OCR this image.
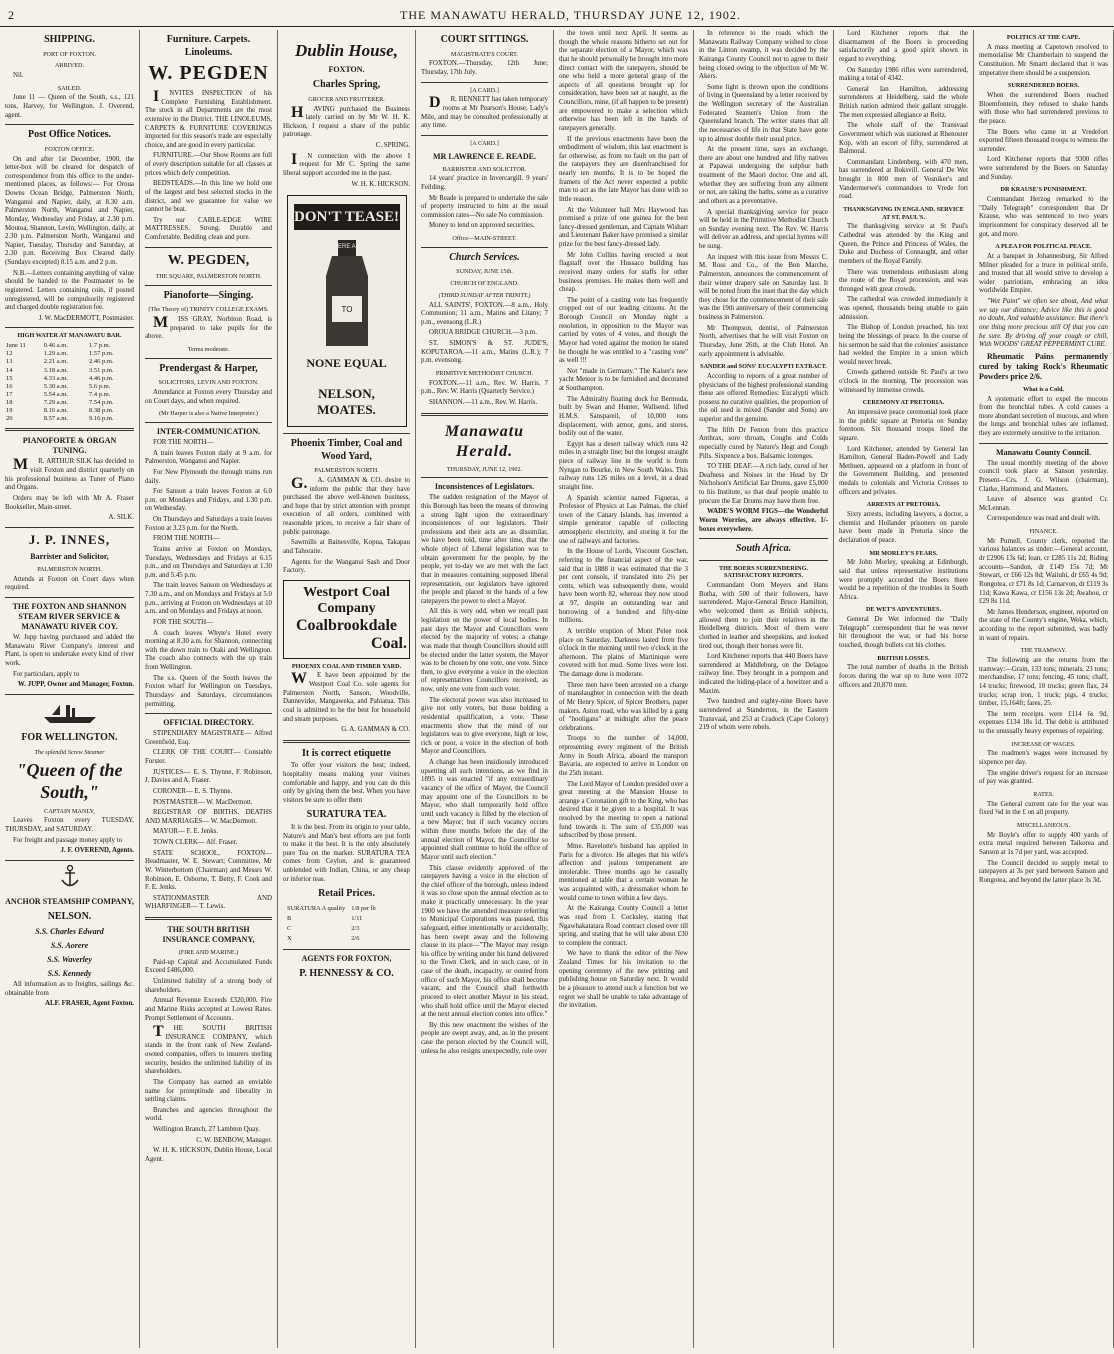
2	THE MANAWATU HERALD, THURSDAY JUNE 12, 1902.
SHIPPING.
PORT OF FOXTON.
ARRIVED.

Nil.

SAILED.

June 11 — Queen of the South, s.s., 121 tons, Harvey, for Wellington. J. Overend, agent.

Post Office Notices.
FOXTON OFFICE.

On and after 1st December, 1900, the letter-box will be cleared for despatch of correspondence from this office to the under-mentioned places, as follows:— For Oroua Downs Ocean Bridge, Palmerston North, Wanganui and Napier, daily, at 8.30 a.m. Palmerston North, Wanganui and Napier, Monday, Wednesday and Friday, at 2.30 p.m. Moutoa, Shannon, Levin, Wellington, daily, at 2.30 p.m. Palmerston North, Wanganui and Napier, Tuesday, Thursday and Saturday, at 2.30 p.m. Receiving Box Cleared daily (Sundays excepted) 8.15 a.m. and 2 p.m.

N.B.—Letters containing anything of value should be handed to the Postmaster to be registered. Letters containing coin, if posted unregistered, will be compulsorily registered and charged double registration fee.

J. W. MacDERMOTT, Postmaster.

HIGH WATER AT MANAWATU BAR.
June 11	0.46 a.m.	1.7 p.m.
12	1.29 a.m.	1.57 p.m.
13	2.21 a.m.	2.46 p.m.
14	3.18 a.m.	3.51 p.m.
15	4.33 a.m.	4.46 p.m.
16	5.30 a.m.	5.6 p.m.
17	5.54 a.m.	7.4 p.m.
18	7.29 a.m.	7.54 p.m.
19	8.16 a.m.	8.38 p.m.
20	8.57 a.m.	9.16 p.m.
PIANOFORTE & ORGAN TUNING.

MR. ARTHUR SILK has decided to visit Foxton and district quarterly on his professional business as Tuner of Piano and Organs.

Orders may be left with Mr A. Fraser Bookseller, Main-street.

A. SILK.

J. P. INNES,
Barrister and Solicitor,
PALMERSTON NORTH.

Attends at Foxton on Court days when required.

THE FOXTON AND SHANNON STEAM RIVER SERVICE & MANAWATU RIVER COY.

W. Jupp having purchased and added the Manawatu River Company's interest and Plant, is open to undertake every kind of river work.

For particulars, apply to

W. JUPP, Owner and Manager, Foxton.

FOR WELLINGTON.
The splendid Screw Steamer
"Queen of the South,"
CAPTAIN MANLY,

Leaves Foxton every TUESDAY, THURSDAY, and SATURDAY.

For freight and passage money apply to

J. F. OVEREND, Agents.

ANCHOR STEAMSHIP COMPANY,
NELSON.
S.S. Charles Edward
S.S. Aorere
S.S. Waverley
S.S. Kennedy

All information as to freights, sailings &c. obtainable from

ALF. FRASER, Agent Foxton.

Furniture. Carpets. Linoleums.
W. PEGDEN

INVITES INSPECTION of his Complete Furnishing Establishment. The stock in all Departments are the most extensive in the District. THE LINOLEUMS, CARPETS & FURNITURE COVERINGS imported for this season's trade are especially choice, and are good in every particular.

FURNITURE.—Our Show Rooms are full of every description suitable for all classes at prices which defy competition.

BEDSTEADS.—In this line we hold one of the largest and best selected stocks in the district, and we guarantee for value we cannot be beat.

Try our CABLE-EDGE WIRE MATTRESSES. Strong, Durable and Comfortable. Bedding clean and pure.

W. PEGDEN,
THE SQUARE, PALMERSTON NORTH.
Pianoforte—Singing.
(The Theory of) TRINITY COLLEGE EXAMS.

MISS GRAY, Norbiton Road, is prepared to take pupils for the above.

Terms moderate.
Prendergast & Harper,
SOLICITORS, LEVIN AND FOXTON.

Attendance at Foxton every Thursday and on Court days, and when required.

(Mr Harper is also a Native Interpreter.)
INTER-COMMUNICATION.

FOR THE NORTH—

A train leaves Foxton daily at 9 a.m. for Palmerston, Wanganui and Napier.

For New Plymouth the through trains run daily.

For Sanson a train leaves Foxton at 6.0 p.m. on Mondays and Fridays, and 1.30 p.m. on Wednesday.

On Thursdays and Saturdays a train leaves Foxton at 3.23 p.m. for the North.

FROM THE NORTH—

Trains arrive at Foxton on Mondays, Tuesdays, Wednesdays and Fridays at 6.15 p.m., and on Thursdays and Saturdays at 1.30 p.m. and 5.45 p.m.

The train leaves Sanson on Wednesdays at 7.30 a.m., and on Mondays and Fridays at 5.0 p.m., arriving at Foxton on Wednesdays at 10 a.m. and on Mondays and Fridays at noon.

FOR THE SOUTH—

A coach leaves Whyte's Hotel every morning at 8.30 a.m. for Shannon, connecting with the down train to Otaki and Wellington. The coach also connects with the up train from Wellington.

The s.s. Queen of the South leaves the Foxton wharf for Wellington on Tuesdays, Thursdays and Saturdays, circumstances permitting.

OFFICIAL DIRECTORY.

STIPENDIARY MAGISTRATE— Alfred Greenfield, Esq.

CLERK OF THE COURT— Constable Forster.

JUSTICES— E. S. Thynne, F. Robinson, J. Davies and A. Fraser.

CORONER— E. S. Thynne.

POSTMASTER— W. MacDermott.

REGISTRAR OF BIRTHS, DEATHS AND MARRIAGES— W. MacDermott.

MAYOR— F. E. Jenks.

TOWN CLERK— Alf. Fraser.

STATE SCHOOL, FOXTON— Headmaster, W. E. Stewart; Committee, Mr W. Winterbottom (Chairman) and Messrs W. Robinson, E. Osborne, T. Betty, F. Cook and F. E. Jenks.

STATIONMASTER AND WHARFINGER— T. Lewis.

THE SOUTH BRITISH INSURANCE COMPANY,
(FIRE AND MARINE.)

Paid-up Capital and Accumulated Funds Exceed £486,000.

Unlimited liability of a strong body of shareholders.

Annual Revenue Exceeds £320,000. Fire and Marine Risks accepted at Lowest Rates. Prompt Settlement of Accounts.

THE SOUTH BRITISH INSURANCE COMPANY, which stands in the front rank of New Zealand-owned companies, offers to insurers sterling security, besides the unlimited liability of its shareholders.

The Company has earned an enviable name for promptitude and liberality in settling claims.

Branches and agencies throughout the world.

Wellington Branch, 27 Lambton Quay.

C. W. BENBOW, Manager.

W. H. K. HICKSON, Dublin House, Local Agent.

Dublin House,
FOXTON.
Charles Spring,
GROCER AND FRUITERER.

HAVING purchased the Business lately carried on by Mr W. H. K. Hickson, I request a share of the public patronage.

C. SPRING.

IN connection with the above I request for Mr C. Spring the same liberal support accorded me in the past.

W. H. K. HICKSON.

DON'T TEASE!
THERE ARE
TO
NONE EQUAL
NELSON, MOATES.
Phoenix Timber, Coal and Wood Yard,
PALMERSTON NORTH.

G.A. GAMMAN & CO. desire to inform the public that they have purchased the above well-known business, and hope that by strict attention with prompt execution of all orders, combined with reasonable prices, to receive a fair share of public patronage.

Sawmills at Bainesville, Kopua, Takapau and Tahoraite.

Agents for the Wanganui Sash and Door Factory.

Westport Coal Company
Coalbrookdale
Coal.
PHOENIX COAL AND TIMBER YARD.

WE have been appointed by the Westport Coal Co. sole agents for Palmerston North, Sanson, Woodville, Dannevirke, Mangaweka, and Pahiatua. This coal is admitted to be the best for household and steam purposes.

G. A. GAMMAN & CO.

It is correct etiquette

To offer your visitors the best; indeed, hospitality means making your visitors comfortable and happy, and you can do this only by giving them the best. When you have visitors be sure to offer them

SURATURA TEA.

It is the best. From its origin to your table, Nature's and Man's best efforts are put forth to make it the best. It is the only absolutely pure Tea on the market. SURATURA TEA comes from Ceylon, and is guaranteed unblended with Indian, China, or any cheap or inferior teas.

Retail Prices.
SURATURA A quality	1/8 per lb
B	1/11
C	2/3
X	2/6
AGENTS FOR FOXTON,
P. HENNESSY & CO.
COURT SITTINGS.
MAGISTRATE'S COURT.

FOXTON.—Thursday, 12th June; Thursday, 17th July.

[A CARD.]

DR. BENNETT has taken temporary rooms at Mr Pearson's House, Lady's Mile, and may be consulted professionally at any time.

[A CARD.]
MR LAWRENCE E. READE.
BARRISTER AND SOLICITOR.

14 years' practice in Invercargill. 9 years' Feilding.

Mr Reade is prepared to undertake the sale of property instructed to him at the usual commission rates—No sale No commission.

Money to lend on approved securities.

Office—MAIN-STREET.
Church Services.
SUNDAY, JUNE 15th.
CHURCH OF ENGLAND.
(THIRD SUNDAY AFTER TRINITY.)

ALL SAINTS', FOXTON.—8 a.m., Holy Communion; 11 a.m., Matins and Litany; 7 p.m., evensong (L.R.)

OROUA BRIDGE CHURCH.—3 p.m.

ST. SIMON'S & ST. JUDE'S, KOPUTAROA.—11 a.m., Matins (L.R.); 7 p.m. evensong.

PRIMITIVE METHODIST CHURCH.

FOXTON.—11 a.m., Rev. W. Harris. 7 p.m., Rev. W. Harris (Quarterly Service.)

SHANNON.—11 a.m., Rev. W. Harris.

Manawatu Herald.
THURSDAY, JUNE 12, 1902.
Inconsistences of Legislators.

The sudden resignation of the Mayor of this Borough has been the means of throwing a strong light upon the extraordinary inconsistences of our legislators. Their professions and their acts are as dissimilar, we have been told, time after time, that the whole object of Liberal legislation was to obtain government for the people, by the people, yet to-day we are met with the fact that in measures containing supposed liberal representation, our legislators have ignored the people and placed in the hands of a few ratepayers the power to elect a Mayor.

All this is very odd, when we recall past legislation on the power of local bodies. In past days the Mayor and Councillors were elected by the majority of votes; a change was made that though Councillors should still be elected under the latter system, the Mayor was to be chosen by one vote, one vote. Since then, to give everyone a voice in the election of representatives Councillors received, as now, only one vote from such voter.

The electoral power was also increased to give not only voters, but those holding a residential qualification, a vote. These enactments show that the mind of our legislators was to give everyone, high or low, rich or poor, a voice in the election of both Mayor and Councillors.

A change has been insidiously introduced upsetting all such intentions, as we find in 1895 it was enacted "if any extraordinary vacancy of the office of Mayor, the Council may appoint one of the Councillors to be Mayor, who shall temporarily hold office until such vacancy is filled by the election of a new Mayor; but if such vacancy occurs within three months before the day of the annual election of Mayor, the Councillor so appointed shall continue to hold the office of Mayor until such election."

This clause evidently approved of the ratepayers having a voice in the election of the chief officer of the borough, unless indeed it was so close upon the annual election as to make it practically unnecessary. In the year 1900 we have the amended measure referring to Municipal Corporations was passed, this safeguard, either intentionally or accidentally, has been swept away and the following clause in its place—"The Mayor may resign his office by writing under his hand delivered to the Town Clerk, and in such case, or in case of the death, incapacity, or ousted from office of such Mayor, his office shall become vacant, and the Council shall forthwith proceed to elect another Mayor in his stead, who shall hold office until the Mayor elected at the next annual election comes into office."

By this new enactment the wishes of the people are swept away, and, as in the present case the person elected by the Council will, unless he also resigns unexpectedly, rule over

the town until next April. It seems as though the whole reasons hitherto set out for the separate election of a Mayor, which was that he should personally be brought into more direct contact with the ratepayers, should be one who held a more general grasp of the aspects of all questions brought up for consideration, have been set at naught, as the Councillors, mine, (if all happen to be present) are empowered to make a selection which otherwise has been left in the hands of ratepayers generally.

If the previous enactments have been the embodiment of wisdom, this last enactment is far otherwise, as from no fault on the part of the ratepayers they are disenfranchised for nearly ten months. It is to be hoped the framers of the Act never expected a public man to act as the late Mayor has done with so little reason.

At the Volunteer ball Mrs Haywood has promised a prize of one guinea for the best fancy-dressed gentleman, and Captain Wishart and Lieutenant Baker have promised a similar prize for the best fancy-dressed lady.

Mr John Collins having erected a neat flagstaff over the Hussaco building has received many orders for staffs for other business premises. He makes them well and cheap.

The point of a casting vote has frequently cropped out of our leading citizens. At the Borough Council on Monday night a resolution, in opposition to the Mayor was carried by votes of 4 votes, and though the Mayor had voted against the motion he stated he thought he was entitled to a "casting vote" as well !!!

Not "made in Germany." The Kaiser's new yacht Meteor is to be furnished and decorated at Southampton.

The Admiralty floating dock for Bermuda, built by Swan and Hunter, Wallsend, lifted H.M.S. Sanspareil, of 10,000 tons displacement, with armor, guns, and stores, bodily out of the water.

Egypt has a desert railway which runs 42 miles in a straight line; but the longest straight piece of railway line in the world is from Nyngan to Bourke, in New South Wales. This railway runs 126 miles on a level, in a dead straight line.

A Spanish scientist named Figueras, a Professor of Physics at Las Palmas, the chief town of the Canary Islands, has invented a simple generator capable of collecting atmospheric electricity, and storing it for the use of railways and factories.

In the House of Lords, Viscount Goschen, referring to the financial aspect of the war, said that in 1888 it was estimated that the 3 per cent consols, if translated into 2½ per cents, which was subsequently done, would have been worth 82, whereas they now stood at 97, despite an outstanding war and borrowing of a hundred and fifty-nine millions.

A terrible eruption of Mont Pelee took place on Saturday. Darkness lasted from five o'clock in the morning until two o'clock in the afternoon. The plains of Martinique were covered with hot mud. Some lives were lost. The damage done is moderate.

Three men have been arrested on a charge of manslaughter in connection with the death of Mr Henry Spicer, of Spicer Brothers, paper makers. Aston road, who was killed by a gang of "hooligans" at midnight after the peace celebrations.

Troops to the number of 14,000, representing every regiment of the British Army in South Africa, aboard the transport Bavaria, are expected to arrive in London on the 25th instant.

The Lord Mayor of London presided over a great meeting at the Mansion House to arrange a Coronation gift to the King, who has desired that it be given to a hospital. It was resolved by the meeting to open a national fund towards it. The sum of £35,000 was subscribed by those present.

Mme. Ravelotte's husband has applied in Paris for a divorce. He alleges that his wife's affection and jealous temperament are intolerable. Three months ago he casually mentioned at table that a certain woman he was acquainted with, a dressmaker whom he would come to town within a few days.

At the Kairanga County Council a letter was read from I. Cocksley, stating that Ngawhakatatara Road contract closed over till spring, and stating that he will take about £30 to complete the contract.

We have to thank the editor of the New Zealand Times for his invitation to the opening ceremony of the new printing and publishing house on Saturday next. It would be a pleasure to attend such a function but we regret we shall be unable to take advantage of the invitation.

In reference to the roads which the Manawatu Railway Company wished to close in the Linton swamp, it was decided by the Kairanga County Council not to agree to their being closed owing to the objection of Mr W. Akers.

Some light is thrown upon the conditions of living in Queensland by a letter received by the Wellington secretary of the Australian Federated Seamen's Union from the Queensland branch. The writer states that all the necessaries of life in that State have gone up to almost double their usual price.

At the present time, says an exchange, there are about one hundred and fifty natives at Papawai undergoing the sulphur bath treatment of the Maori doctor. One and all, whether they are suffering from any ailment or not, are taking the baths, some as a curative and others as a preventative.

A special thanksgiving service for peace will be held in the Primitive Methodist Church on Sunday evening next. The Rev. W. Harris will deliver an address, and special hymns will be sung.

An inquest with this issue from Messrs C. M. Ross and Co., of the Bon Marche, Palmerston, announces the commencement of their winter drapery sale on Saturday last. It will be noted from the inset that the day which they chose for the commencement of their sale was the 19th anniversary of their commencing business in Palmerston.

Mr Thompson, dentist, of Palmerston North, advertises that he will visit Foxton on Thursday, June 26th, at the Club Hotel. An early appointment is advisable.

SANDER and SONS' EUCALYPTI EXTRACT.

According to reports of a great number of physicians of the highest professional standing these are offered Remedies: Eucalypti which possess no curative qualities, the proportion of the oil used is mixed (Sander and Sons) are superior and the genuine.

The fifth Dr Fenton from this practice Anthrax, sore throats, Coughs and Colds especially cured by Nature's Hegt and Cough Pills. Sixpence a box. Balsamic lozenges.

TO THE DEAF.—A rich lady, cured of her Deafness and Noises in the Head by Dr Nicholson's Artificial Ear Drums, gave £5,000 to his Institute, so that deaf people unable to procure the Ear Drums may have them free.

WADE'S WORM FIGS—the Wonderful Worm Worries, are always effective. 1/- boxes everywhere.

South Africa.
THE BOERS SURRENDERING. SATISFACTORY REPORTS.

Commandant Oom Meyers and Hans Botha, with 500 of their followers, have surrendered. Major-General Bruce Hamilton, who welcomed them as British subjects, allowed them to join their relatives in the Heidelberg districts. Most of them were clothed in leather and sheepskins, and looked tired out, though their horses were fit.

Lord Kitchener reports that 440 Boers have surrendered at Middleburg, on the Delagoa railway line. They brought in a pompom and indicated the hiding-place of a howitzer and a Maxim.

Two hundred and eighty-nine Boers have surrendered at Standerton, in the Eastern Transvaal, and 253 at Cradock (Cape Colony) 219 of whom were rebels.

Lord Kitchener reports that the disarmament of the Boers is proceeding satisfactorily and a good spirit shown in regard to everything.

On Saturday 1986 rifles were surrendered, making a total of 4342.

General Ian Hamilton, addressing surrenderers at Heidelberg, said the whole British nation admired their gallant struggle. The men expressed allegiance at Reitz.

The whole staff of the Transvaal Government which was stationed at Rhenoster Kop, with an escort of fifty, surrendered at Balmoral.

Commandant Lindenberg, with 470 men, has surrendered at Boksvill. General De Wet brought in 800 men of Vosniker's and Vandermerwe's commandoes to Vrede fort road.

THANKSGIVING IN ENGLAND. SERVICE AT ST. PAUL'S.

The thanksgiving service at St Paul's Cathedral was attended by the King and Queen, the Prince and Princess of Wales, the Duke and Duchess of Connaught, and other members of the Royal Family.

There was tremendous enthusiasm along the route of the Royal procession, and was thronged with great crowds.

The cathedral was crowded immediately it was opened, thousands being unable to gain admission.

The Bishop of London preached, his text being the blessings of peace. In the course of his sermon he said that the colonies' assistance had welded the Empire in a union which would never break.

Crowds gathered outside St. Paul's at two o'clock in the morning. The procession was witnessed by immense crowds.

CEREMONY AT PRETORIA.

An impressive peace ceremonial took place in the public square at Pretoria on Sunday forenoon. Six thousand troops lined the square.

Lord Kitchener, attended by General Ian Hamilton, General Baden-Powell and Lady Methuen, appeared on a platform in front of the Government Building, and presented medals to colonials and Victoria Crosses to officers and privates.

ARRESTS AT PRETORIA.

Sixty arrests, including lawyers, a doctor, a chemist and Hollander prisoners on parole have been made in Pretoria since the declaration of peace.

MR MORLEY'S FEARS.

Mr John Morley, speaking at Edinburgh, said that unless representative institutions were promptly accorded the Boers there would be a repetition of the troubles in South Africa.

DE WET'S ADVENTURES.

General De Wet informed the "Daily Telegraph" correspondent that he was never hit throughout the war, or had his horse touched, though bullets cut his clothes.

BRITISH LOSSES.

The total number of deaths in the British forces during the war up to June were 1072 officers and 20,870 men.

POLITICS AT THE CAPE.

A mass meeting at Capetown resolved to memorialise Mr Chamberlain to suspend the Constitution. Mr Smartt declared that it was imperative there should be a suspension.

SURRENDERED BOERS.

When the surrendered Boers reached Bloemfontein, they refused to shake hands with those who had surrendered previous to the peace.

The Boers who came in at Vredefort exported fifteen thousand troops to witness the surrender.

Lord Kitchener reports that 9300 rifles were surrendered by the Boers on Saturday and Sunday.

DR KRAUSE'S PUNISHMENT.

Commandant Herzog remarked to the "Daily Telegraph" correspondent that Dr Krause, who was sentenced to two years imprisonment for conspiracy deserved all he got, and more.

A PLEA FOR POLITICAL PEACE.

At a banquet in Johannesburg, Sir Alfred Milner pleaded for a truce in political strife, and trusted that all would strive to develop a wider patriotism, embracing an idea worldwide Empire.

"Wet Paint" we often see about, And what we say our distance; Advice like this is good no doubt, And valuable assistance. But there's one thing more precious still Of that you can be sure. By driving off your cough or chill, With WOODS' GREAT PEPPERMINT CURE.

Rheumatic Pains permanently cured by taking Rock's Rheumatic Powders price 2/6.

What is a Cold.

A systematic effort to expel the mucous from the bronchial tubes. A cold causes a more abundant secretion of mucous, and when the lungs and bronchial tubes are inflamed, they are extremely sensitive to the irritation.

Manawatu County Council.

The usual monthly meeting of the above council took place at Sanson yesterday. Present—Crs. J. G. Wilson (chairman), Clarke, Hammond, and Masters.

Leave of absence was granted Cr. McLennan.

Correspondence was read and dealt with.

FINANCE.

Mr Purnell, County clerk, reported the various balances as under:—General account, dr £2906 13s 6d; loan, cr £285 11s 2d; Riding accounts—Sandon, dr £149 15s 7d; Mt Stewart, cr £66 12s 8d; Waituhi, dr £65 4s 9d; Rongotea, cr £71 8s 1d; Carnarvon, dr £119 3s 11d; Kawa Kawa, cr £156 13s 2d; Awahou, cr £29 8s 11d.

Mr James Henderson, engineer, reported on the state of the County's engine, Weka, which, according to the report submitted, was badly in want of repairs.

THE TRAMWAY.

The following are the returns from the tramway:—Grain, 133 tons; minerals, 23 tons; merchandise, 17 tons; fencing, 45 tons; chaff, 14 trucks; firewood, 10 trucks; green flax, 24 trucks; scrap iron, 1 truck; pigs, 4 trucks; timber, 15,164ft; fares, 25.

The term receipts were £114 6s 9d, expenses £134 18s 1d. The debit is attributed to the unusually heavy expenses of repairing.

INCREASE OF WAGES.

The roadmen's wages were increased by sixpence per day.

The engine driver's request for an increase of pay was granted.

RATES.

The General current rate for the year was fixed ⅝d in the £ on all property.

MISCELLANEOUS.

Mr Boyle's offer to supply 400 yards of extra metal required between Taikorea and Sanson at 1s 7d per yard, was accepted.

The Council decided to supply metal to ratepayers at 3s per yard between Sanson and Rongotea, and beyond the latter place 3s 3d.
